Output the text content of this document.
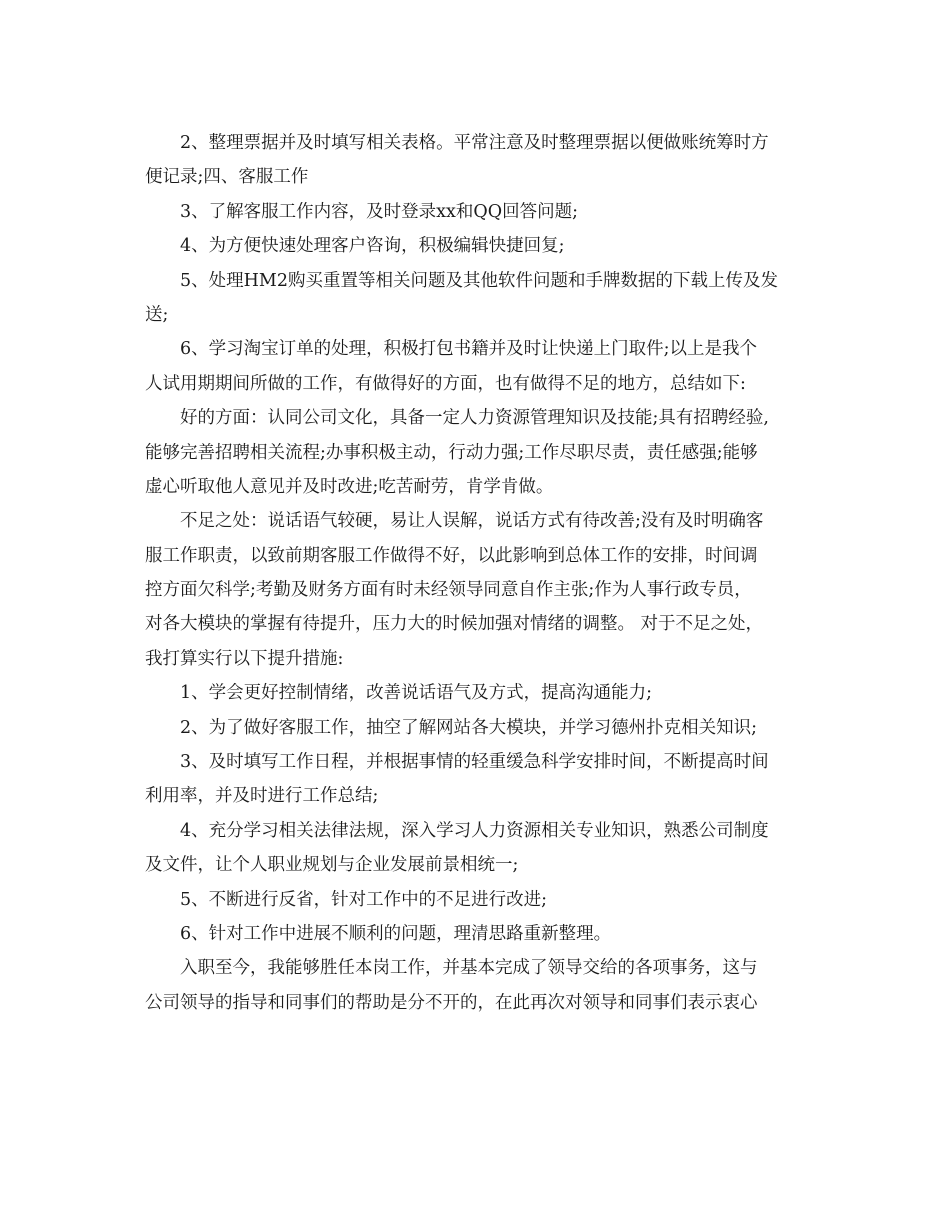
2、整理票据并及时填写相关表格。平常注意及时整理票据以便做账统筹时方
便记录;四、客服工作
3、了解客服工作内容，及时登录xx和QQ回答问题;
4、为方便快速处理客户咨询，积极编辑快捷回复;
5、处理HM2购买重置等相关问题及其他软件问题和手牌数据的下载上传及发
送;
6、学习淘宝订单的处理，积极打包书籍并及时让快递上门取件;以上是我个
人试用期期间所做的工作，有做得好的方面，也有做得不足的地方，总结如下:
好的方面：认同公司文化，具备一定人力资源管理知识及技能;具有招聘经验,
能够完善招聘相关流程;办事积极主动，行动力强;工作尽职尽责，责任感强;能够
虚心听取他人意见并及时改进;吃苦耐劳，肯学肯做。
不足之处：说话语气较硬，易让人误解，说话方式有待改善;没有及时明确客
服工作职责，以致前期客服工作做得不好，以此影响到总体工作的安排，时间调
控方面欠科学;考勤及财务方面有时未经领导同意自作主张;作为人事行政专员，
对各大模块的掌握有待提升，压力大的时候加强对情绪的调整。 对于不足之处，
我打算实行以下提升措施:
1、学会更好控制情绪，改善说话语气及方式，提高沟通能力;
2、为了做好客服工作，抽空了解网站各大模块，并学习德州扑克相关知识;
3、及时填写工作日程，并根据事情的轻重缓急科学安排时间，不断提高时间
利用率，并及时进行工作总结;
4、充分学习相关法律法规，深入学习人力资源相关专业知识，熟悉公司制度
及文件，让个人职业规划与企业发展前景相统一;
5、不断进行反省，针对工作中的不足进行改进;
6、针对工作中进展不顺利的问题，理清思路重新整理。
入职至今，我能够胜任本岗工作，并基本完成了领导交给的各项事务，这与
公司领导的指导和同事们的帮助是分不开的，在此再次对领导和同事们表示衷心
